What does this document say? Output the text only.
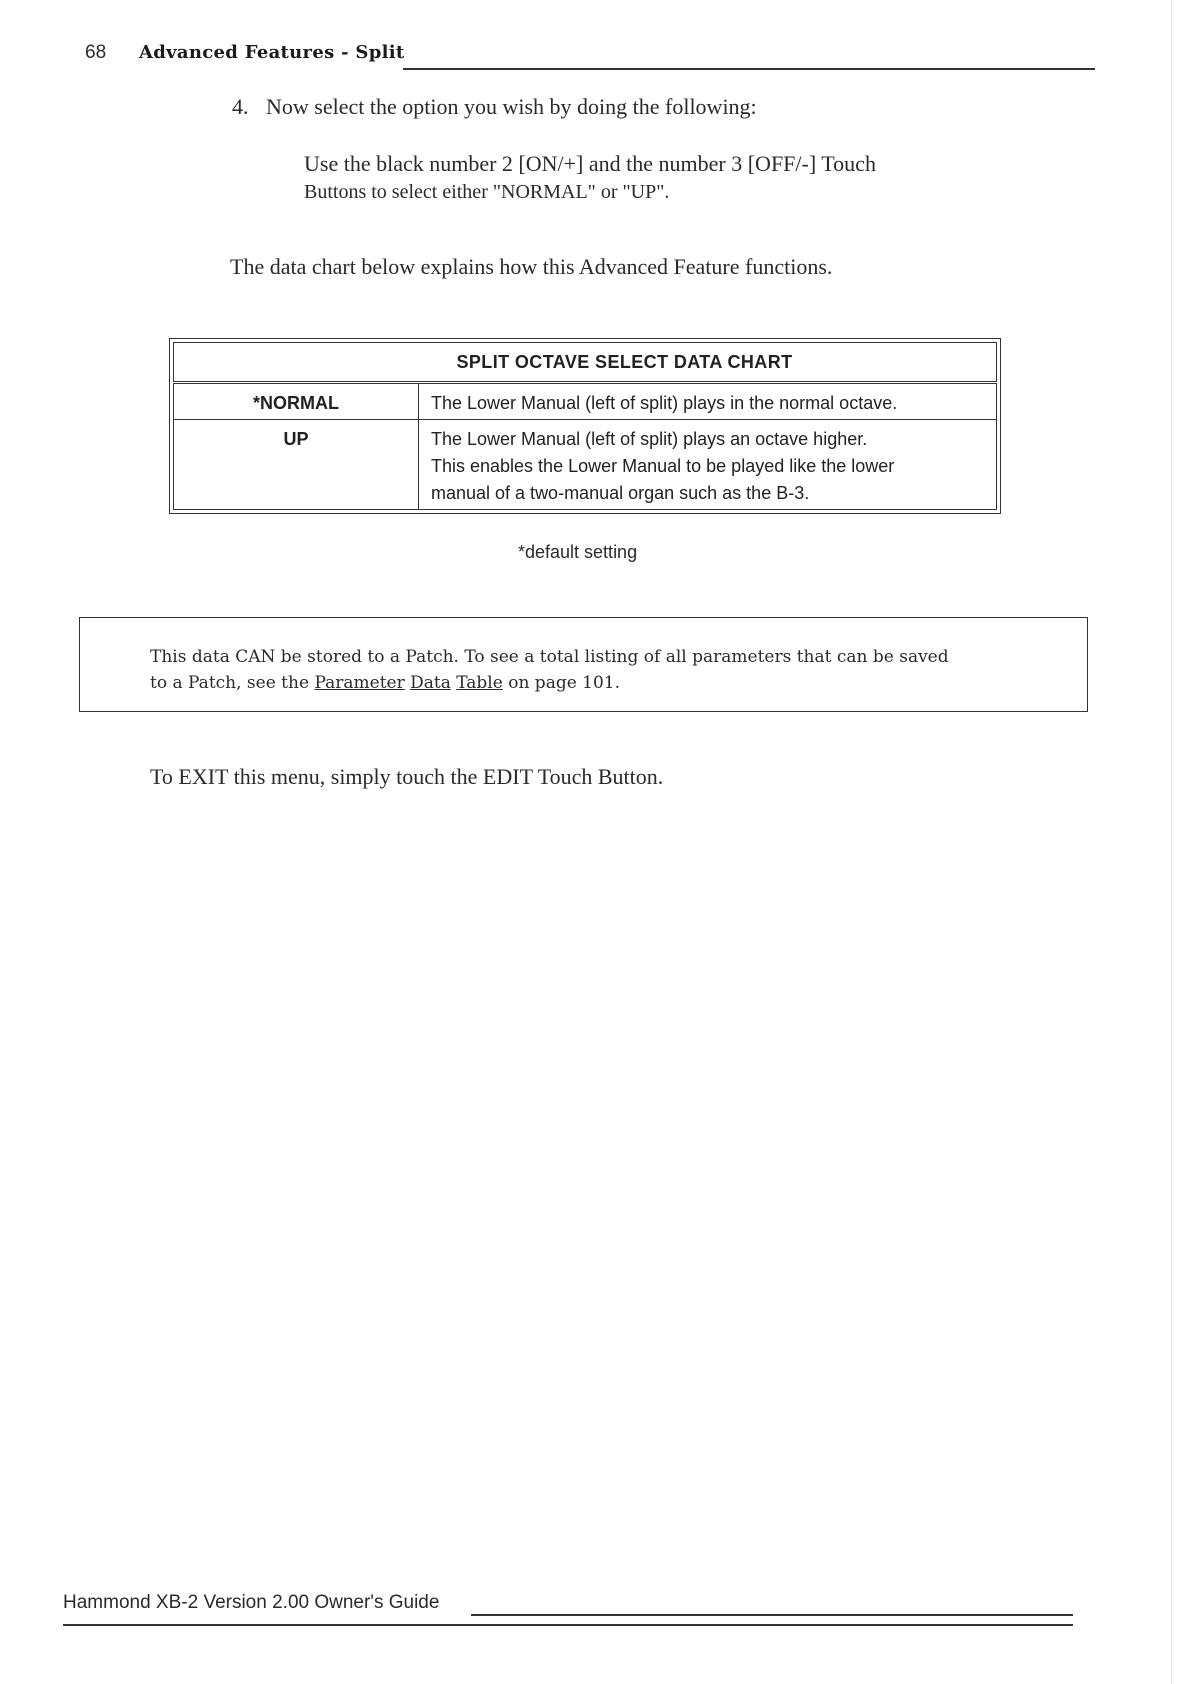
68 Advanced Features - Split
4. Now select the option you wish by doing the following:
Use the black number 2 [ON/+] and the number 3 [OFF/-] Touch
Buttons to select either "NORMAL" or "UP".
The data chart below explains how this Advanced Feature functions.
SPLIT OCTAVE SELECT DATA CHART	
*NORMAL	The Lower Manual (left of split) plays in the normal octave.
UP	The Lower Manual (left of split) plays an octave higher.
This enables the Lower Manual to be played like the lower
manual of a two-manual organ such as the B-3.
*default setting
This data CAN be stored to a Patch. To see a total listing of all parameters that can be saved
to a Patch, see the Parameter Data Table on page 101.
To EXIT this menu, simply touch the EDIT Touch Button.
Hammond XB-2 Version 2.00 Owner's Guide
